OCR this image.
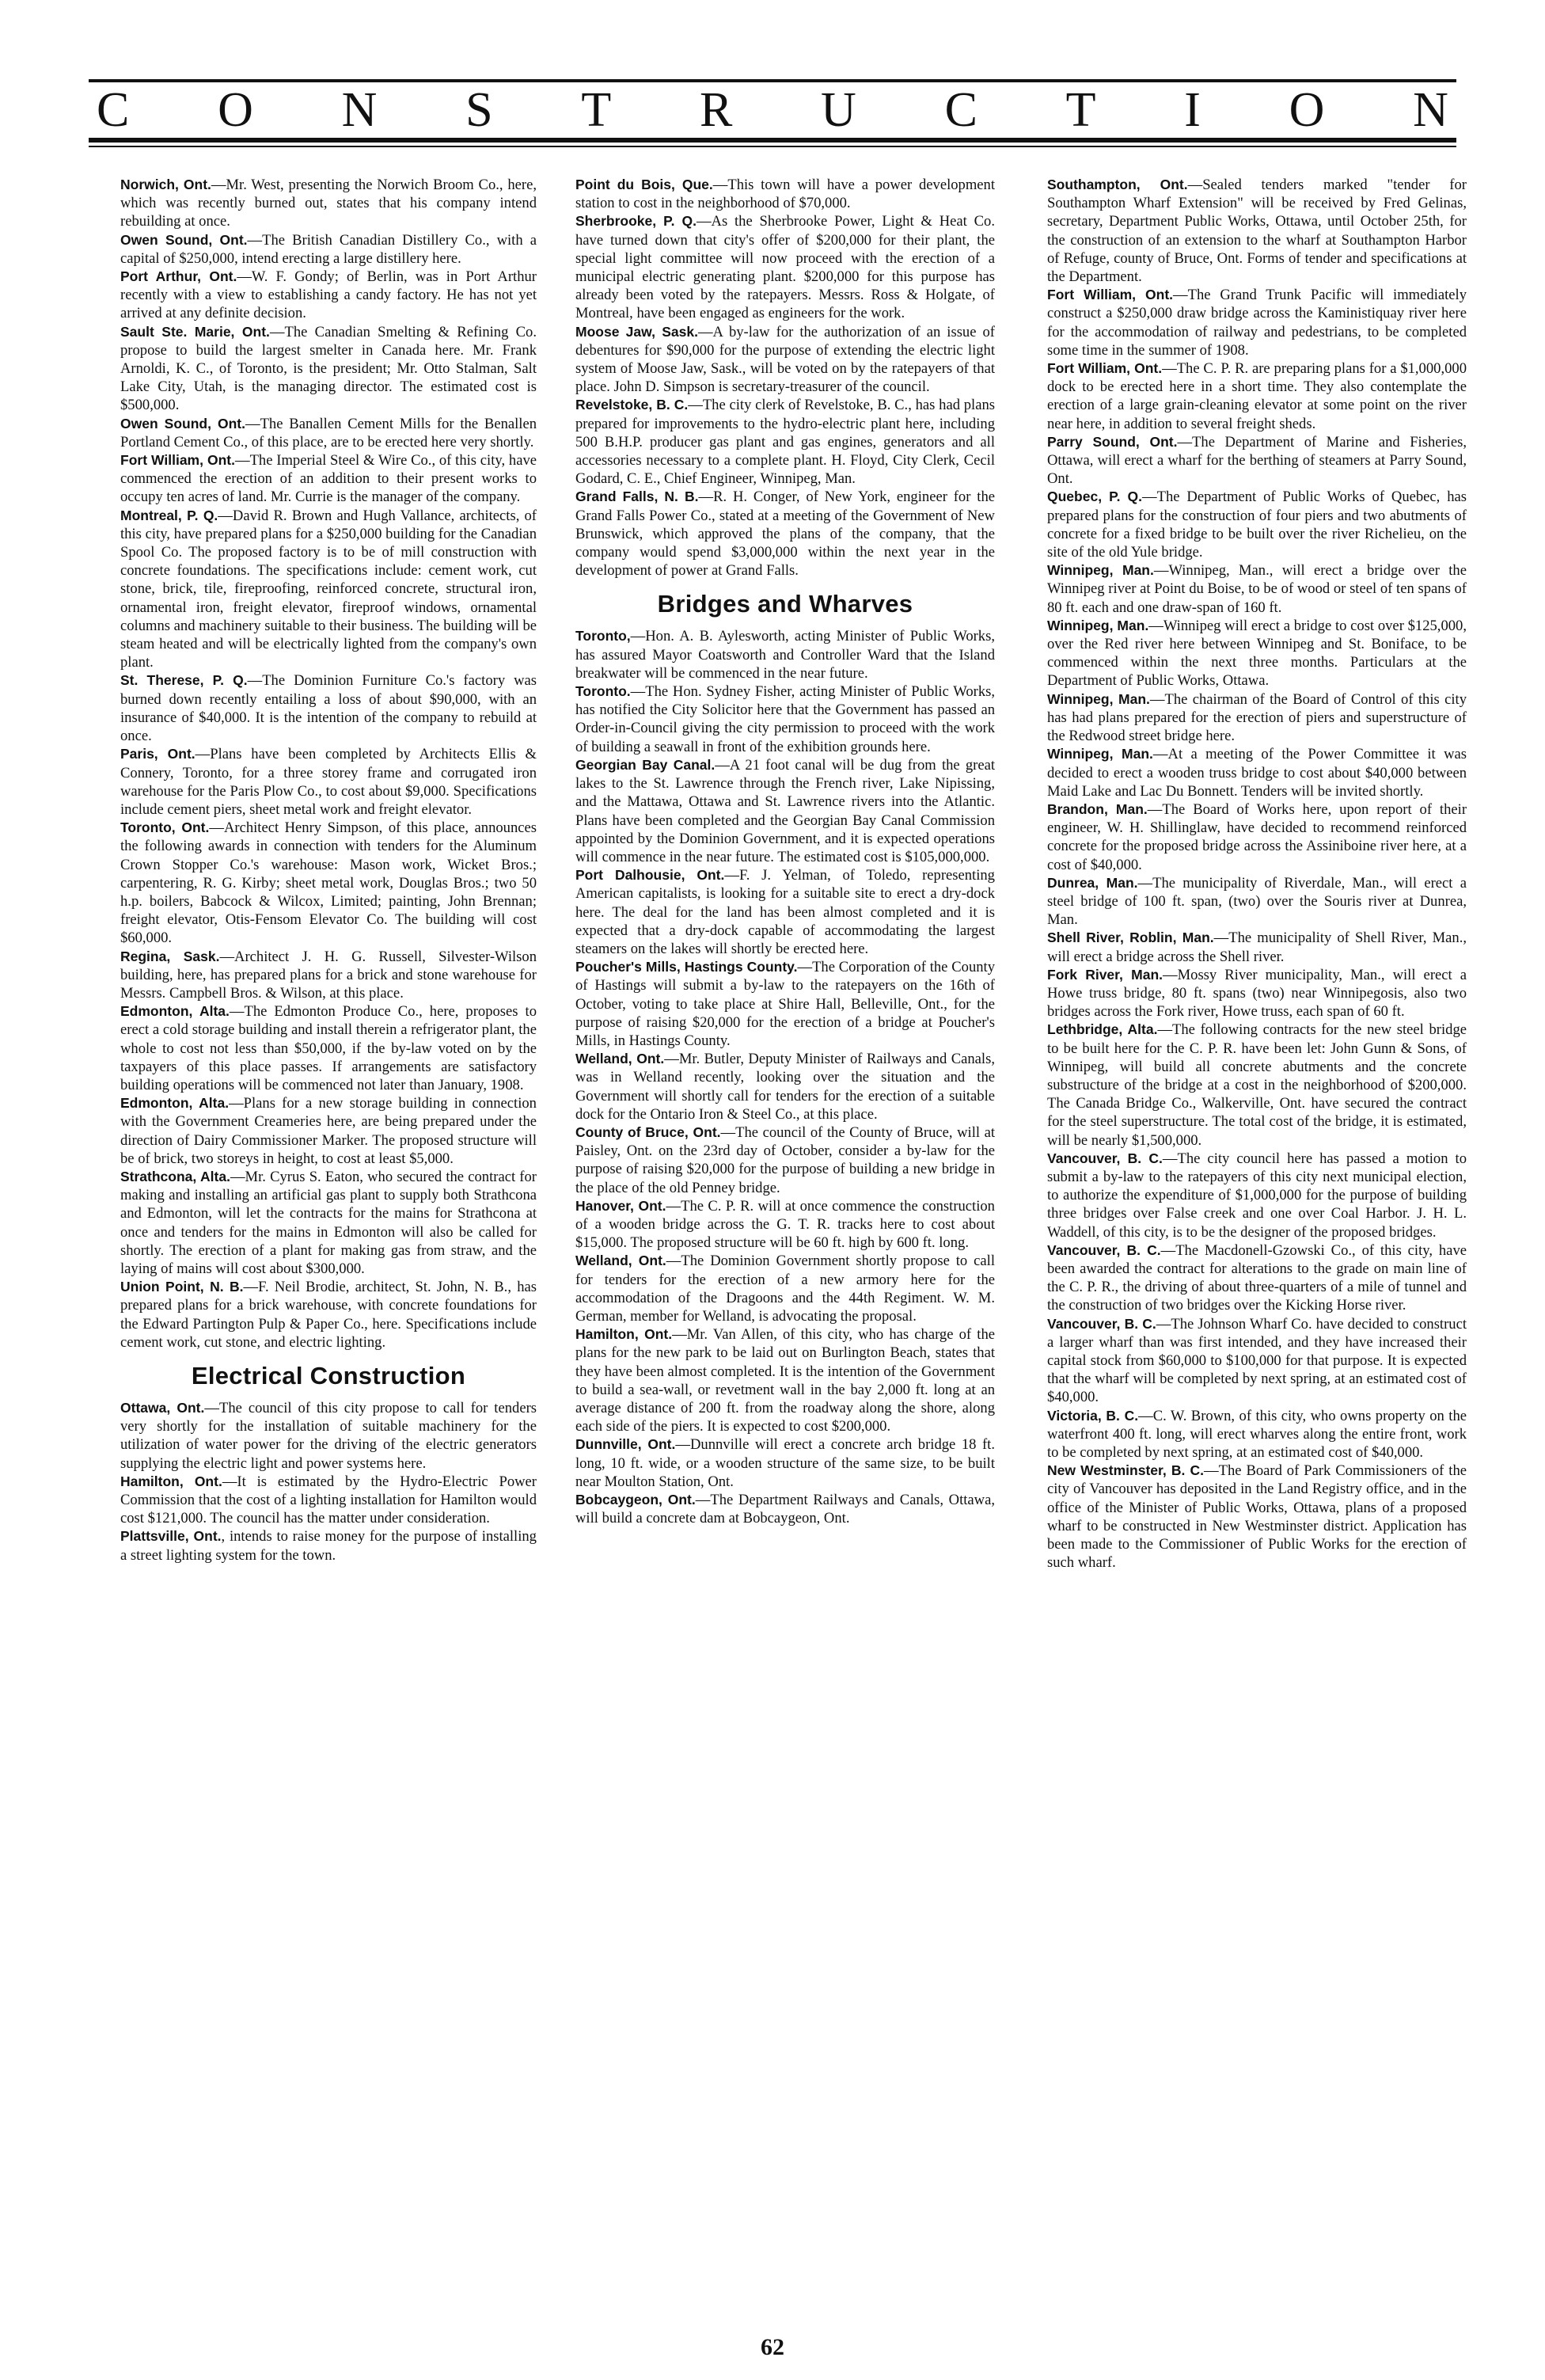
C O N S T R U C T I O N

Norwich, Ont.—Mr. West, presenting the Norwich Broom Co., here, which was recently burned out, states that his company intend rebuilding at once.

Owen Sound, Ont.—The British Canadian Distillery Co., with a capital of $250,000, intend erecting a large distillery here.

Port Arthur, Ont.—W. F. Gondy; of Berlin, was in Port Arthur recently with a view to establishing a candy factory. He has not yet arrived at any definite decision.

Sault Ste. Marie, Ont.—The Canadian Smelting & Refining Co. propose to build the largest smelter in Canada here. Mr. Frank Arnoldi, K. C., of Toronto, is the president; Mr. Otto Stalman, Salt Lake City, Utah, is the managing director. The estimated cost is $500,000.

Owen Sound, Ont.—The Banallen Cement Mills for the Benallen Portland Cement Co., of this place, are to be erected here very shortly.

Fort William, Ont.—The Imperial Steel & Wire Co., of this city, have commenced the erection of an addition to their present works to occupy ten acres of land. Mr. Currie is the manager of the company.

Montreal, P. Q.—David R. Brown and Hugh Vallance, architects, of this city, have prepared plans for a $250,000 building for the Canadian Spool Co. The proposed factory is to be of mill construction with concrete foundations. The specifications include: cement work, cut stone, brick, tile, fireproofing, reinforced concrete, structural iron, ornamental iron, freight elevator, fireproof windows, ornamental columns and machinery suitable to their business. The building will be steam heated and will be electrically lighted from the company's own plant.

St. Therese, P. Q.—The Dominion Furniture Co.'s factory was burned down recently entailing a loss of about $90,000, with an insurance of $40,000. It is the intention of the company to rebuild at once.

Paris, Ont.—Plans have been completed by Architects Ellis & Connery, Toronto, for a three storey frame and corrugated iron warehouse for the Paris Plow Co., to cost about $9,000. Specifications include cement piers, sheet metal work and freight elevator.

Toronto, Ont.—Architect Henry Simpson, of this place, announces the following awards in connection with tenders for the Aluminum Crown Stopper Co.'s warehouse: Mason work, Wicket Bros.; carpentering, R. G. Kirby; sheet metal work, Douglas Bros.; two 50 h.p. boilers, Babcock & Wilcox, Limited; painting, John Brennan; freight elevator, Otis-Fensom Elevator Co. The building will cost $60,000.

Regina, Sask.—Architect J. H. G. Russell, Silvester-Wilson building, here, has prepared plans for a brick and stone warehouse for Messrs. Campbell Bros. & Wilson, at this place.

Edmonton, Alta.—The Edmonton Produce Co., here, proposes to erect a cold storage building and install therein a refrigerator plant, the whole to cost not less than $50,000, if the by-law voted on by the taxpayers of this place passes. If arrangements are satisfactory building operations will be commenced not later than January, 1908.

Edmonton, Alta.—Plans for a new storage building in connection with the Government Creameries here, are being prepared under the direction of Dairy Commissioner Marker. The proposed structure will be of brick, two storeys in height, to cost at least $5,000.

Strathcona, Alta.—Mr. Cyrus S. Eaton, who secured the contract for making and installing an artificial gas plant to supply both Strathcona and Edmonton, will let the contracts for the mains for Strathcona at once and tenders for the mains in Edmonton will also be called for shortly. The erection of a plant for making gas from straw, and the laying of mains will cost about $300,000.

Union Point, N. B.—F. Neil Brodie, architect, St. John, N. B., has prepared plans for a brick warehouse, with concrete foundations for the Edward Partington Pulp & Paper Co., here. Specifications include cement work, cut stone, and electric lighting.

Electrical Construction

Ottawa, Ont.—The council of this city propose to call for tenders very shortly for the installation of suitable machinery for the utilization of water power for the driving of the electric generators supplying the electric light and power systems here.

Hamilton, Ont.—It is estimated by the Hydro-Electric Power Commission that the cost of a lighting installation for Hamilton would cost $121,000. The council has the matter under consideration.

Plattsville, Ont., intends to raise money for the purpose of installing a street lighting system for the town.

Point du Bois, Que.—This town will have a power development station to cost in the neighborhood of $70,000.

Sherbrooke, P. Q.—As the Sherbrooke Power, Light & Heat Co. have turned down that city's offer of $200,000 for their plant, the special light committee will now proceed with the erection of a municipal electric generating plant. $200,000 for this purpose has already been voted by the ratepayers. Messrs. Ross & Holgate, of Montreal, have been engaged as engineers for the work.

Moose Jaw, Sask.—A by-law for the authorization of an issue of debentures for $90,000 for the purpose of extending the electric light system of Moose Jaw, Sask., will be voted on by the ratepayers of that place. John D. Simpson is secretary-treasurer of the council.

Revelstoke, B. C.—The city clerk of Revelstoke, B. C., has had plans prepared for improvements to the hydro-electric plant here, including 500 B.H.P. producer gas plant and gas engines, generators and all accessories necessary to a complete plant. H. Floyd, City Clerk, Cecil Godard, C. E., Chief Engineer, Winnipeg, Man.

Grand Falls, N. B.—R. H. Conger, of New York, engineer for the Grand Falls Power Co., stated at a meeting of the Government of New Brunswick, which approved the plans of the company, that the company would spend $3,000,000 within the next year in the development of power at Grand Falls.

Bridges and Wharves

Toronto,—Hon. A. B. Aylesworth, acting Minister of Public Works, has assured Mayor Coatsworth and Controller Ward that the Island breakwater will be commenced in the near future.

Toronto.—The Hon. Sydney Fisher, acting Minister of Public Works, has notified the City Solicitor here that the Government has passed an Order-in-Council giving the city permission to proceed with the work of building a seawall in front of the exhibition grounds here.

Georgian Bay Canal.—A 21 foot canal will be dug from the great lakes to the St. Lawrence through the French river, Lake Nipissing, and the Mattawa, Ottawa and St. Lawrence rivers into the Atlantic. Plans have been completed and the Georgian Bay Canal Commission appointed by the Dominion Government, and it is expected operations will commence in the near future. The estimated cost is $105,000,000.

Port Dalhousie, Ont.—F. J. Yelman, of Toledo, representing American capitalists, is looking for a suitable site to erect a dry-dock here. The deal for the land has been almost completed and it is expected that a dry-dock capable of accommodating the largest steamers on the lakes will shortly be erected here.

Poucher's Mills, Hastings County.—The Corporation of the County of Hastings will submit a by-law to the ratepayers on the 16th of October, voting to take place at Shire Hall, Belleville, Ont., for the purpose of raising $20,000 for the erection of a bridge at Poucher's Mills, in Hastings County.

Welland, Ont.—Mr. Butler, Deputy Minister of Railways and Canals, was in Welland recently, looking over the situation and the Government will shortly call for tenders for the erection of a suitable dock for the Ontario Iron & Steel Co., at this place.

County of Bruce, Ont.—The council of the County of Bruce, will at Paisley, Ont. on the 23rd day of October, consider a by-law for the purpose of raising $20,000 for the purpose of building a new bridge in the place of the old Penney bridge.

Hanover, Ont.—The C. P. R. will at once commence the construction of a wooden bridge across the G. T. R. tracks here to cost about $15,000. The proposed structure will be 60 ft. high by 600 ft. long.

Welland, Ont.—The Dominion Government shortly propose to call for tenders for the erection of a new armory here for the accommodation of the Dragoons and the 44th Regiment. W. M. German, member for Welland, is advocating the proposal.

Hamilton, Ont.—Mr. Van Allen, of this city, who has charge of the plans for the new park to be laid out on Burlington Beach, states that they have been almost completed. It is the intention of the Government to build a sea-wall, or revetment wall in the bay 2,000 ft. long at an average distance of 200 ft. from the roadway along the shore, along each side of the piers. It is expected to cost $200,000.

Dunnville, Ont.—Dunnville will erect a concrete arch bridge 18 ft. long, 10 ft. wide, or a wooden structure of the same size, to be built near Moulton Station, Ont.

Bobcaygeon, Ont.—The Department Railways and Canals, Ottawa, will build a concrete dam at Bobcaygeon, Ont.

Southampton, Ont.—Sealed tenders marked "tender for Southampton Wharf Extension" will be received by Fred Gelinas, secretary, Department Public Works, Ottawa, until October 25th, for the construction of an extension to the wharf at Southampton Harbor of Refuge, county of Bruce, Ont. Forms of tender and specifications at the Department.

Fort William, Ont.—The Grand Trunk Pacific will immediately construct a $250,000 draw bridge across the Kaministiquay river here for the accommodation of railway and pedestrians, to be completed some time in the summer of 1908.

Fort William, Ont.—The C. P. R. are preparing plans for a $1,000,000 dock to be erected here in a short time. They also contemplate the erection of a large grain-cleaning elevator at some point on the river near here, in addition to several freight sheds.

Parry Sound, Ont.—The Department of Marine and Fisheries, Ottawa, will erect a wharf for the berthing of steamers at Parry Sound, Ont.

Quebec, P. Q.—The Department of Public Works of Quebec, has prepared plans for the construction of four piers and two abutments of concrete for a fixed bridge to be built over the river Richelieu, on the site of the old Yule bridge.

Winnipeg, Man.—Winnipeg, Man., will erect a bridge over the Winnipeg river at Point du Boise, to be of wood or steel of ten spans of 80 ft. each and one draw-span of 160 ft.

Winnipeg, Man.—Winnipeg will erect a bridge to cost over $125,000, over the Red river here between Winnipeg and St. Boniface, to be commenced within the next three months. Particulars at the Department of Public Works, Ottawa.

Winnipeg, Man.—The chairman of the Board of Control of this city has had plans prepared for the erection of piers and superstructure of the Redwood street bridge here.

Winnipeg, Man.—At a meeting of the Power Committee it was decided to erect a wooden truss bridge to cost about $40,000 between Maid Lake and Lac Du Bonnett. Tenders will be invited shortly.

Brandon, Man.—The Board of Works here, upon report of their engineer, W. H. Shillinglaw, have decided to recommend reinforced concrete for the proposed bridge across the Assiniboine river here, at a cost of $40,000.

Dunrea, Man.—The municipality of Riverdale, Man., will erect a steel bridge of 100 ft. span, (two) over the Souris river at Dunrea, Man.

Shell River, Roblin, Man.—The municipality of Shell River, Man., will erect a bridge across the Shell river.

Fork River, Man.—Mossy River municipality, Man., will erect a Howe truss bridge, 80 ft. spans (two) near Winnipegosis, also two bridges across the Fork river, Howe truss, each span of 60 ft.

Lethbridge, Alta.—The following contracts for the new steel bridge to be built here for the C. P. R. have been let: John Gunn & Sons, of Winnipeg, will build all concrete abutments and the concrete substructure of the bridge at a cost in the neighborhood of $200,000. The Canada Bridge Co., Walkerville, Ont. have secured the contract for the steel superstructure. The total cost of the bridge, it is estimated, will be nearly $1,500,000.

Vancouver, B. C.—The city council here has passed a motion to submit a by-law to the ratepayers of this city next municipal election, to authorize the expenditure of $1,000,000 for the purpose of building three bridges over False creek and one over Coal Harbor. J. H. L. Waddell, of this city, is to be the designer of the proposed bridges.

Vancouver, B. C.—The Macdonell-Gzowski Co., of this city, have been awarded the contract for alterations to the grade on main line of the C. P. R., the driving of about three-quarters of a mile of tunnel and the construction of two bridges over the Kicking Horse river.

Vancouver, B. C.—The Johnson Wharf Co. have decided to construct a larger wharf than was first intended, and they have increased their capital stock from $60,000 to $100,000 for that purpose. It is expected that the wharf will be completed by next spring, at an estimated cost of $40,000.

Victoria, B. C.—C. W. Brown, of this city, who owns property on the waterfront 400 ft. long, will erect wharves along the entire front, work to be completed by next spring, at an estimated cost of $40,000.

New Westminster, B. C.—The Board of Park Commissioners of the city of Vancouver has deposited in the Land Registry office, and in the office of the Minister of Public Works, Ottawa, plans of a proposed wharf to be constructed in New Westminster district. Application has been made to the Commissioner of Public Works for the erection of such wharf.

62
